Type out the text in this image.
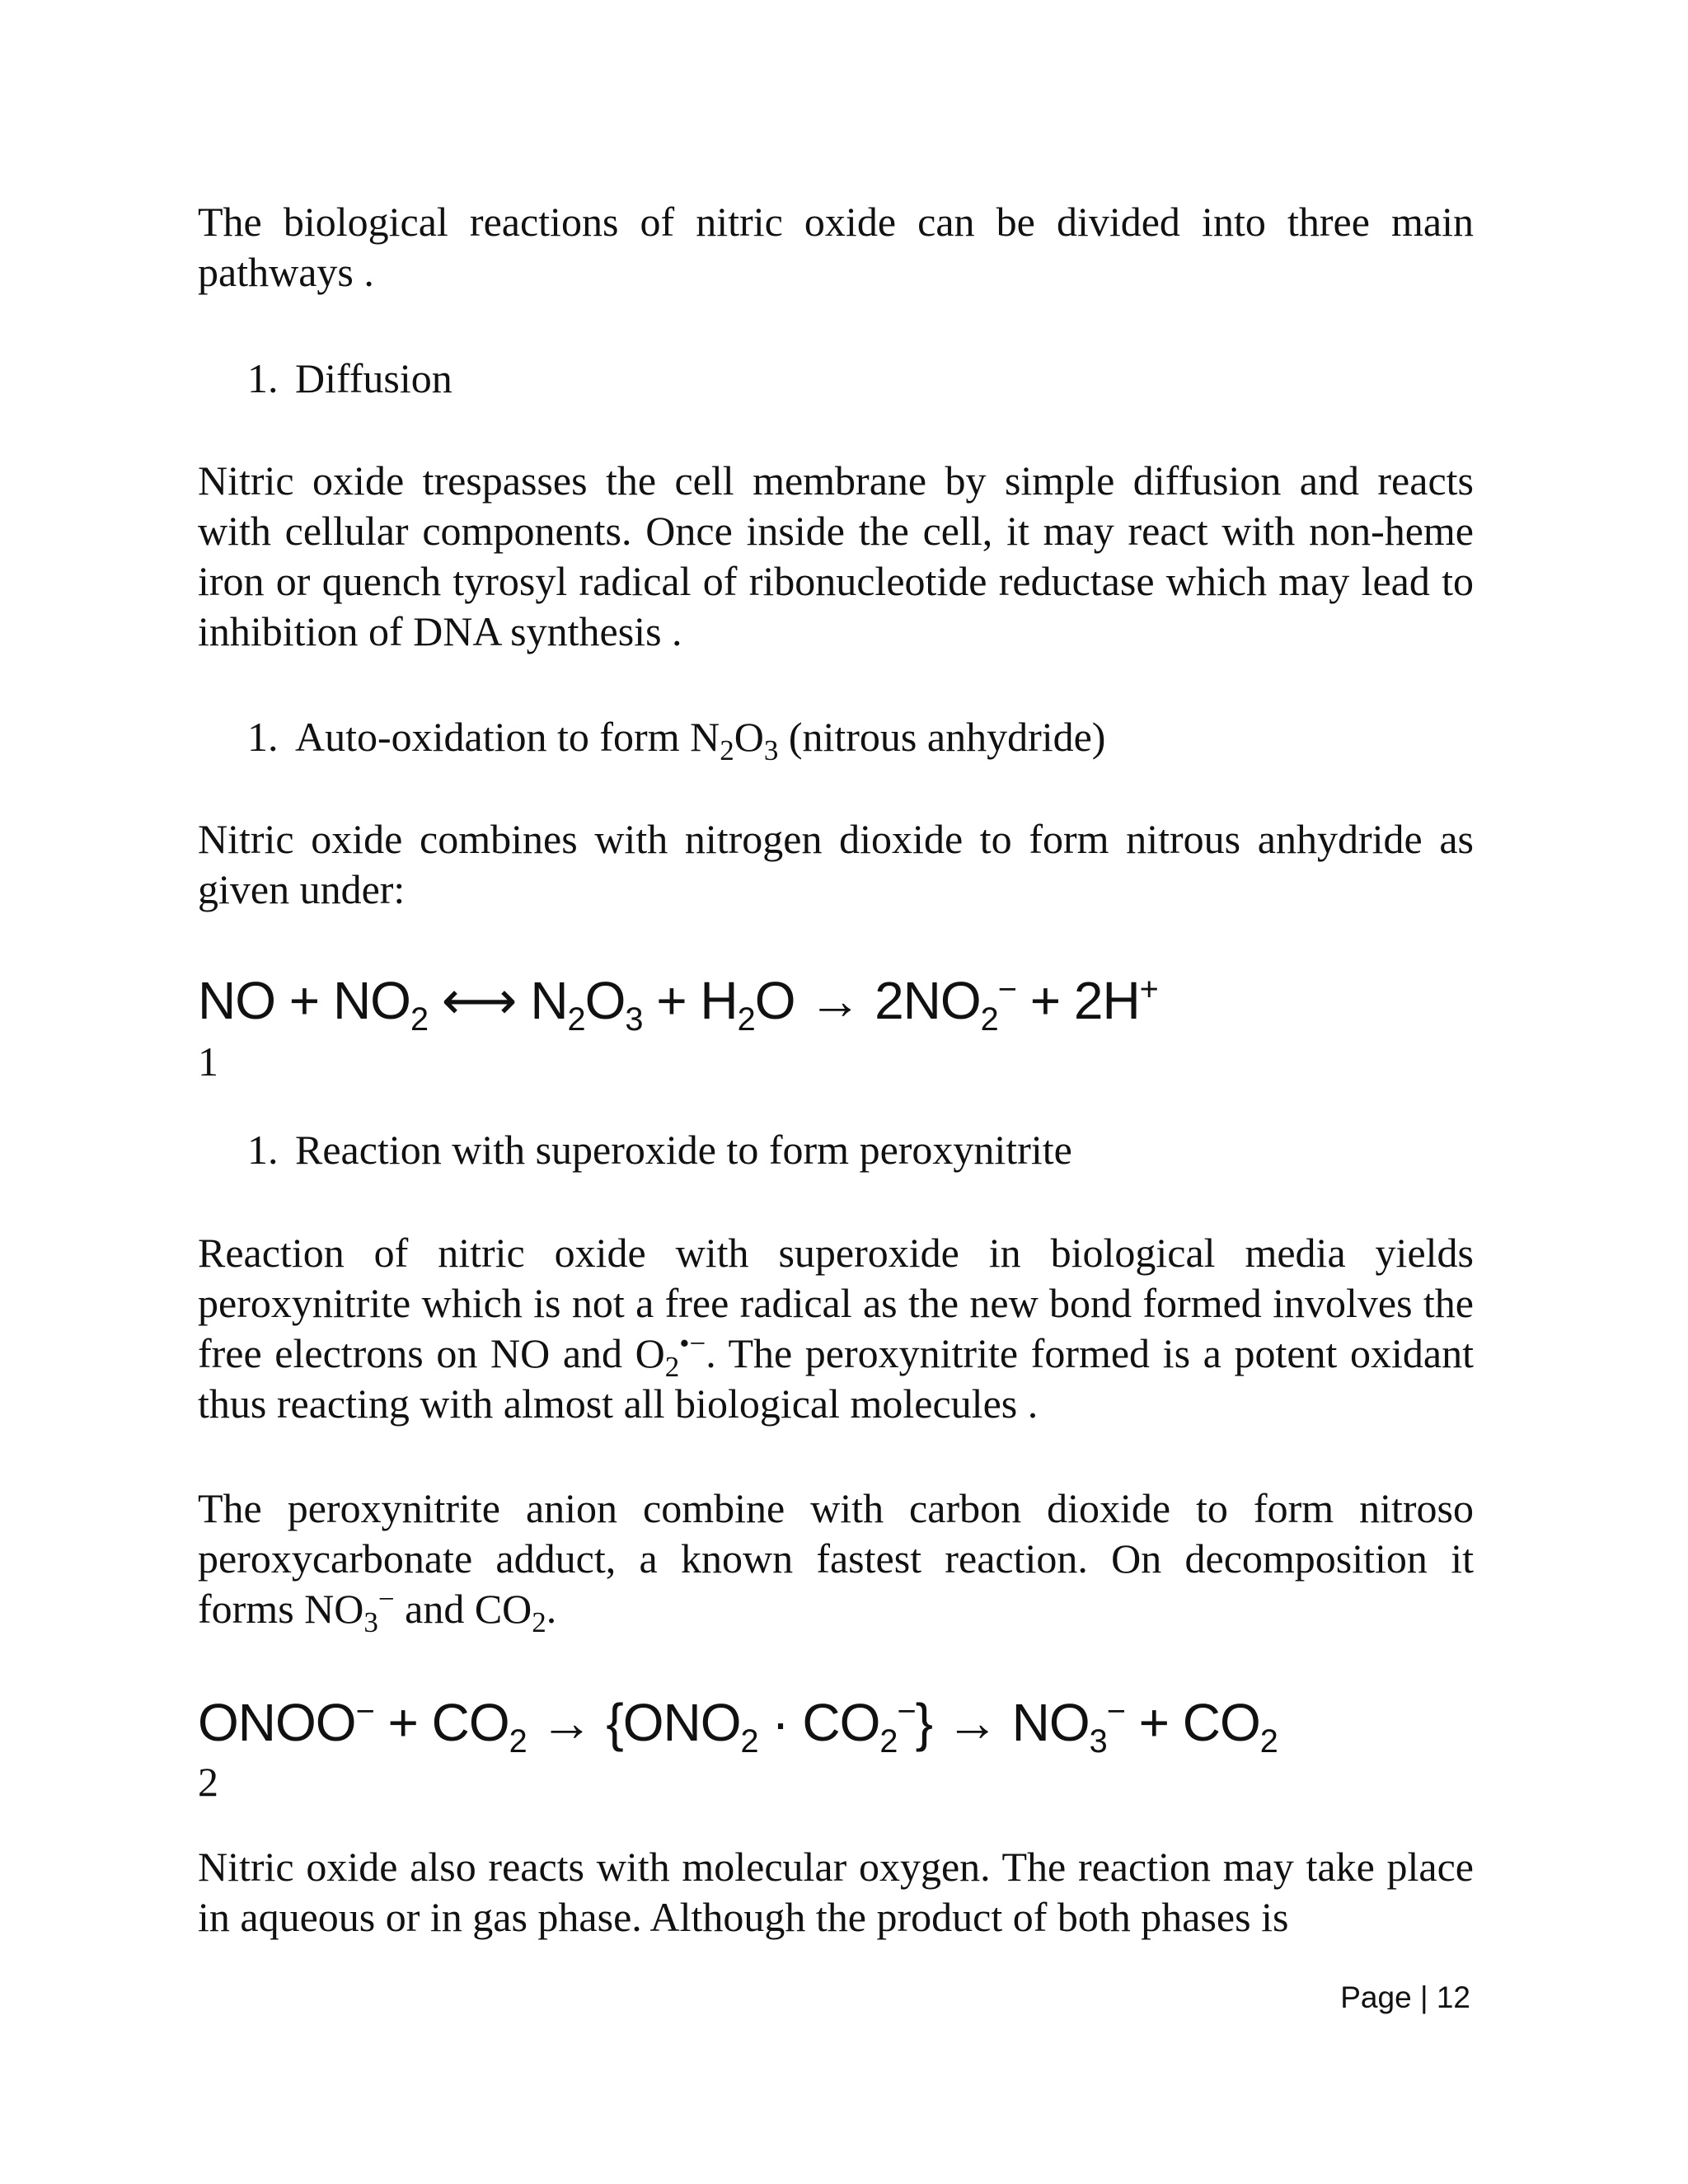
The biological reactions of nitric oxide can be divided into three main pathways .

1. Diffusion

Nitric oxide trespasses the cell membrane by simple diffusion and reacts with cellular components. Once inside the cell, it may react with non-heme iron or quench tyrosyl radical of ribonucleotide reductase which may lead to inhibition of DNA synthesis .

1. Auto-oxidation to form $N_2O_3$ (nitrous anhydride)

Nitric oxide combines with nitrogen dioxide to form nitrous anhydride as given under:

NO + $NO_2$ ⟷ $N_2O_3 + H_2O \to 2NO_2^- + 2H^+$
1
1. Reaction with superoxide to form peroxynitrite

Reaction of nitric oxide with superoxide in biological media yields peroxynitrite which is not a free radical as the new bond formed involves the free electrons on NO and $O_2^{•-}$. The peroxynitrite formed is a potent oxidant thus reacting with almost all biological molecules .

The peroxynitrite anion combine with carbon dioxide to form nitroso peroxycarbonate adduct, a known fastest reaction. On decomposition it forms $NO_3^-$ and $CO_2$.

ONOO− + $CO_2 \to \{ONO_2 \cdot CO_2^-\} \to NO_3^- + CO_2$
2

Nitric oxide also reacts with molecular oxygen. The reaction may take place in aqueous or in gas phase. Although the product of both phases is

Page | 12
